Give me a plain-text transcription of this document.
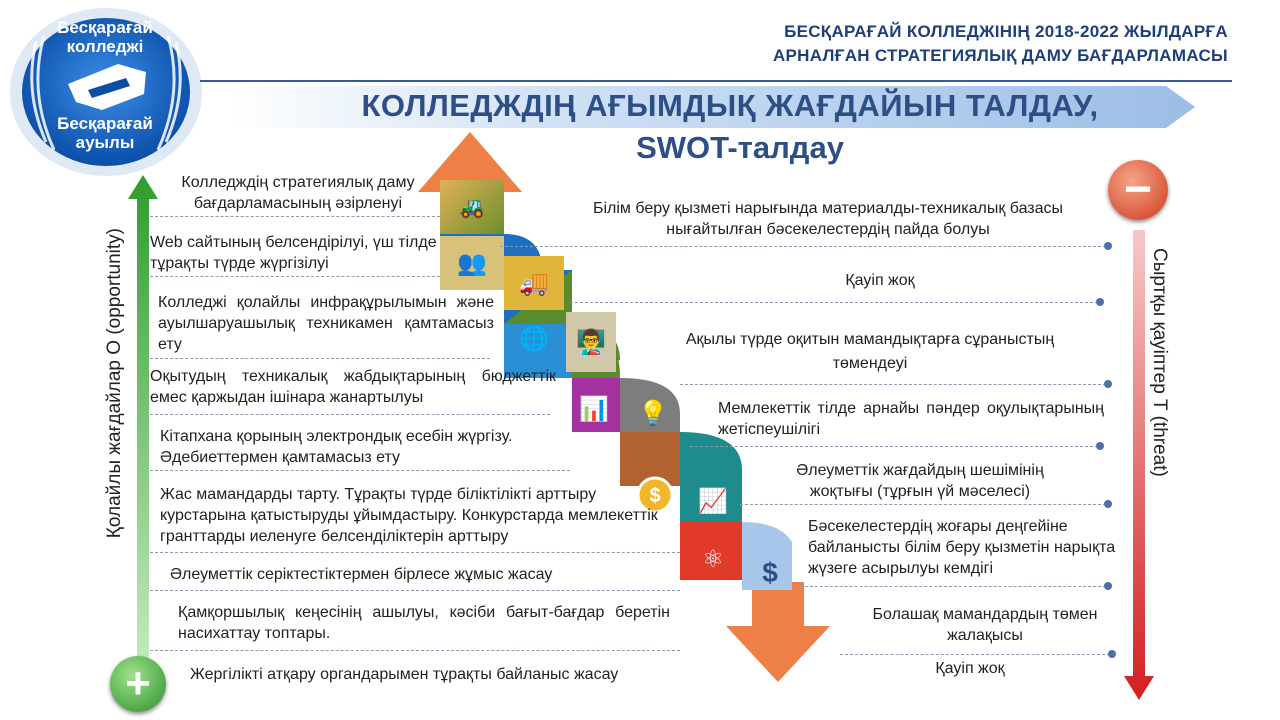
Бесқарағай колледжі
Бесқарағай ауылы
БЕСҚАРАҒАЙ КОЛЛЕДЖІНІҢ 2018-2022 ЖЫЛДАРҒА
АРНАЛҒАН СТРАТЕГИЯЛЫҚ ДАМУ БАҒДАРЛАМАСЫ
КОЛЛЕДЖДІҢ АҒЫМДЫҚ ЖАҒДАЙЫН ТАЛДАУ,
SWOT-талдау
+
−
Қолайлы жағдайлар O (opportunity)	Сыртқы қауіптер T (threat)
🚜
👥
🚚
🌐	👨‍🏫
📊	💡
$	📈
⚛	$
Колледждің стратегиялық даму бағдарламасының әзірленуі
Web сайтының белсендірілуі, үш тілде тұрақты түрде жүргізілуі
Колледжі қолайлы инфрақұрылымын және ауылшаруашылық техникамен қамтамасыз ету
Оқытудың техникалық жабдықтарының бюджеттік емес қаржыдан ішінара жанартылуы
Кітапхана қорының электрондық есебін жүргізу. Әдебиеттермен қамтамасыз ету
Жас мамандарды тарту. Тұрақты түрде біліктілікті арттыру курстарына қатыстыруды ұйымдастыру. Конкурстарда мемлекеттік гранттарды иеленуге белсенділіктерін арттыру
Әлеуметтік серіктестіктермен бірлесе жұмыс жасау
Қамқоршылық кеңесінің ашылуы, кәсіби бағыт-бағдар беретін насихаттау топтары.
Жергілікті атқару органдарымен тұрақты байланыс жасау
Білім беру қызметі нарығында материалды-техникалық базасы нығайтылған бәсекелестердің пайда болуы
Қауіп жоқ
Ақылы түрде оқитын мамандықтарға сұраныстың төмендеуі
Мемлекеттік тілде арнайы пәндер оқулықтарының жетіспеушілігі
Әлеуметтік жағдайдың шешімінің жоқтығы (тұрғын үй мәселесі)
Бәсекелестердің жоғары деңгейіне байланысты білім беру қызметін нарықта жүзеге асырылуы кемдігі
Болашақ мамандардың төмен жалақысы
Қауіп жоқ
